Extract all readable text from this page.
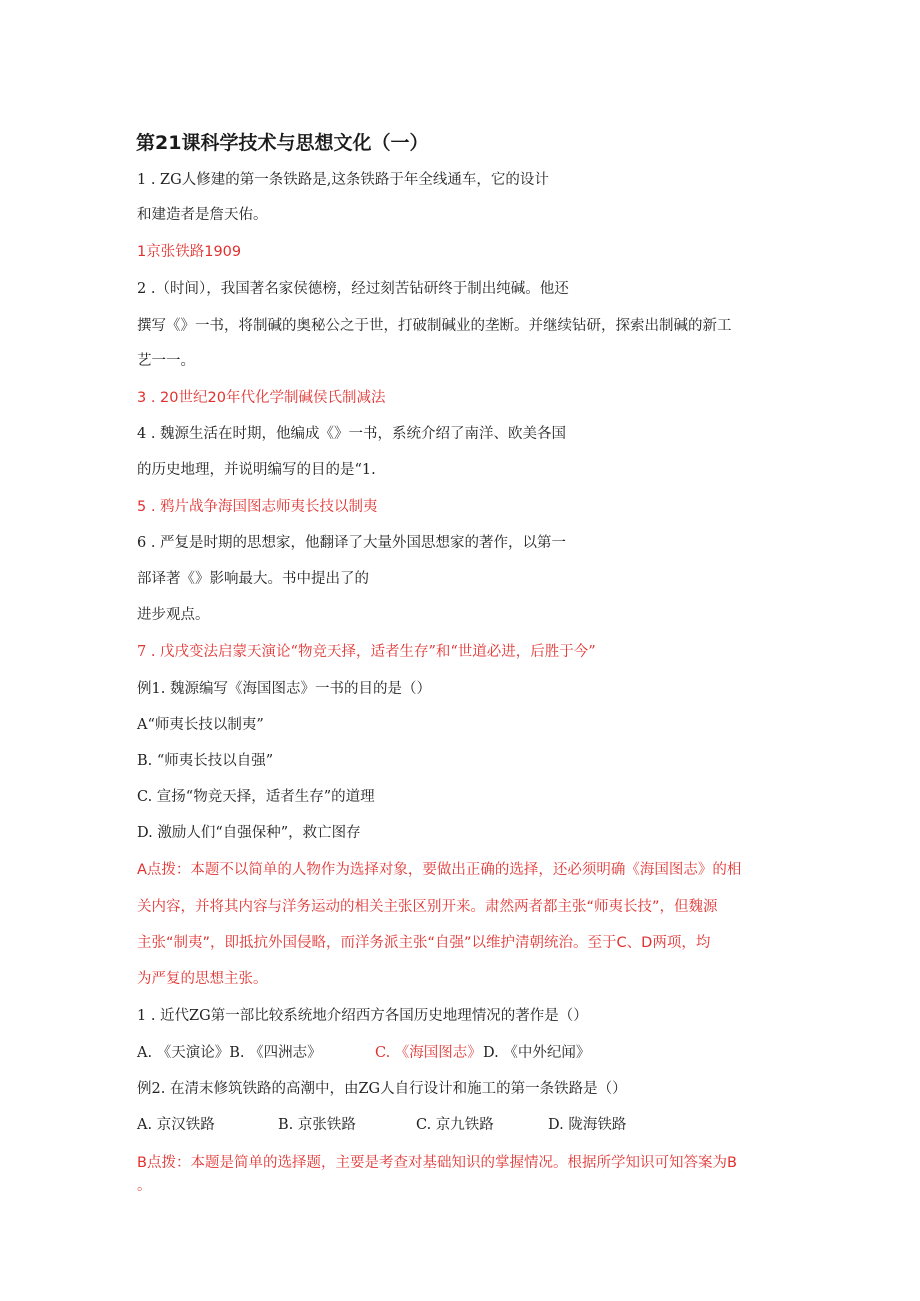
第21课科学技术与思想文化（一）
1 . ZG人修建的第一条铁路是,这条铁路于年全线通车，它的设计
和建造者是詹天佑。
1京张铁路1909
2 .（时间），我国著名家侯德榜，经过刻苦钻研终于制出纯碱。他还
撰写《》一书，将制碱的奥秘公之于世，打破制碱业的垄断。并继续钻研，探索出制碱的新工
艺一一。
3 . 20世纪20年代化学制碱侯氏制减法
4 . 魏源生活在时期，他编成《》一书，系统介绍了南洋、欧美各国
的历史地理，并说明编写的目的是“1.
5 . 鸦片战争海国图志师夷长技以制夷
6 . 严复是时期的思想家，他翻译了大量外国思想家的著作，以第一
部译著《》影响最大。书中提出了的
进步观点。
7 . 戊戌变法启蒙天演论“物竞天择，适者生存”和“世道必进，后胜于今”
例1. 魏源编写《海国图志》一书的目的是（）
A“师夷长技以制夷”
B. “师夷长技以自强”
C. 宣扬“物竞天择，适者生存”的道理
D. 激励人们“自强保种”，救亡图存
A点拨：本题不以简单的人物作为选择对象，要做出正确的选择，还必须明确《海国图志》的相
关内容，并将其内容与洋务运动的相关主张区别开来。肃然两者都主张“师夷长技”，但魏源
主张“制夷”，即抵抗外国侵略，而洋务派主张“自强”以维护清朝统治。至于C、D两项，均
为严复的思想主张。
1 . 近代ZG第一部比较系统地介绍西方各国历史地理情况的著作是（）
A. 《天演论》B. 《四洲志》	C. 《海国图志》 D. 《中外纪闻》
例2. 在清末修筑铁路的高潮中，由ZG人自行设计和施工的第一条铁路是（）
A. 京汉铁路	B. 京张铁路	C. 京九铁路	D. 陇海铁路
B点拨：本题是简单的选择题，主要是考查对基础知识的掌握情况。根据所学知识可知答案为B
。
